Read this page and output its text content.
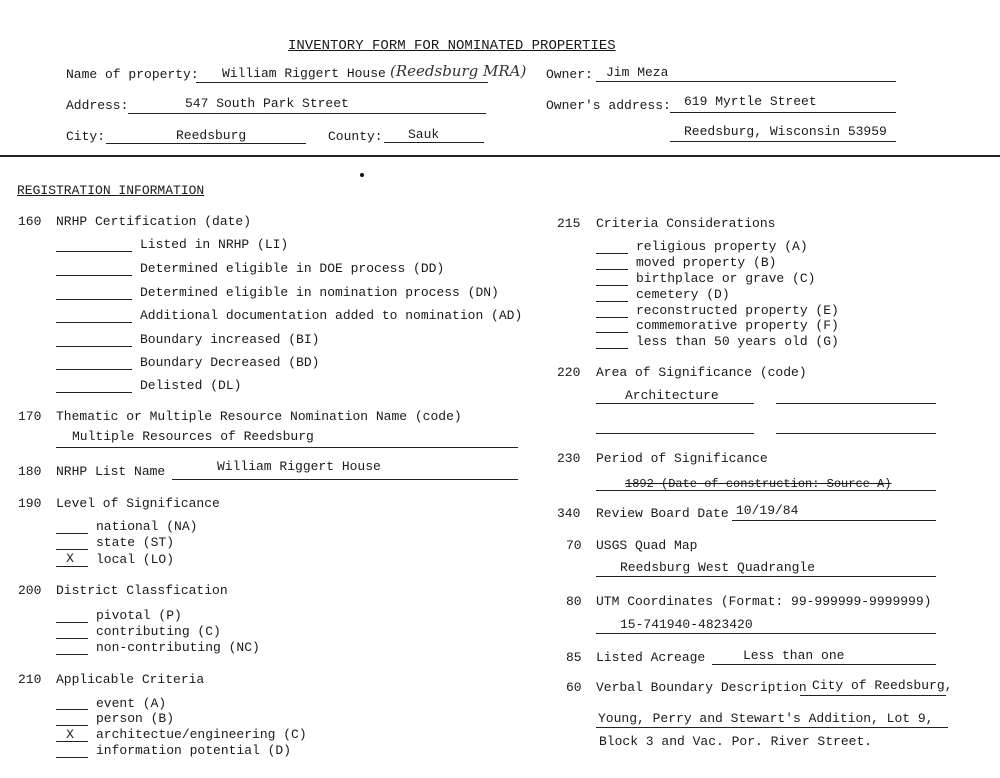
INVENTORY FORM FOR NOMINATED PROPERTIES
Name of property: William Riggert House (Reedsburg MRA) Owner: Jim Meza
Address:	547 South Park Street	Owner's address: 619 Myrtle Street
City:	Reedsburg	County: Sauk	Reedsburg, Wisconsin 53959
REGISTRATION INFORMATION
160 NRHP Certification (date)
Listed in NRHP (LI)
Determined eligible in DOE process (DD)
Determined eligible in nomination process (DN)
Additional documentation added to nomination (AD)
Boundary increased (BI)
Boundary Decreased (BD)
Delisted (DL)
170 Thematic or Multiple Resource Nomination Name (code)
Multiple Resources of Reedsburg
180 NRHP List Name	William Riggert House
190 Level of Significance
national (NA)
state (ST)
X local (LO)
200 District Classfication
pivotal (P)
contributing (C)
non-contributing (NC)
210 Applicable Criteria
event (A)
person (B)
X architectue/engineering (C)
information potential (D)
215 Criteria Considerations
religious property (A)
moved property (B)
birthplace or grave (C)
cemetery (D)
reconstructed property (E)
commemorative property (F)
less than 50 years old (G)
220 Area of Significance (code)
Architecture
230 Period of Significance
1892 (Date of construction: Source A)
340 Review Board Date 10/19/84
70 USGS Quad Map
Reedsburg West Quadrangle
80 UTM Coordinates (Format: 99-999999-9999999)
15-741940-4823420
85 Listed Acreage	Less than one
60 Verbal Boundary Description City of Reedsburg,
Young, Perry and Stewart's Addition, Lot 9,
Block 3 and Vac. Por. River Street.
